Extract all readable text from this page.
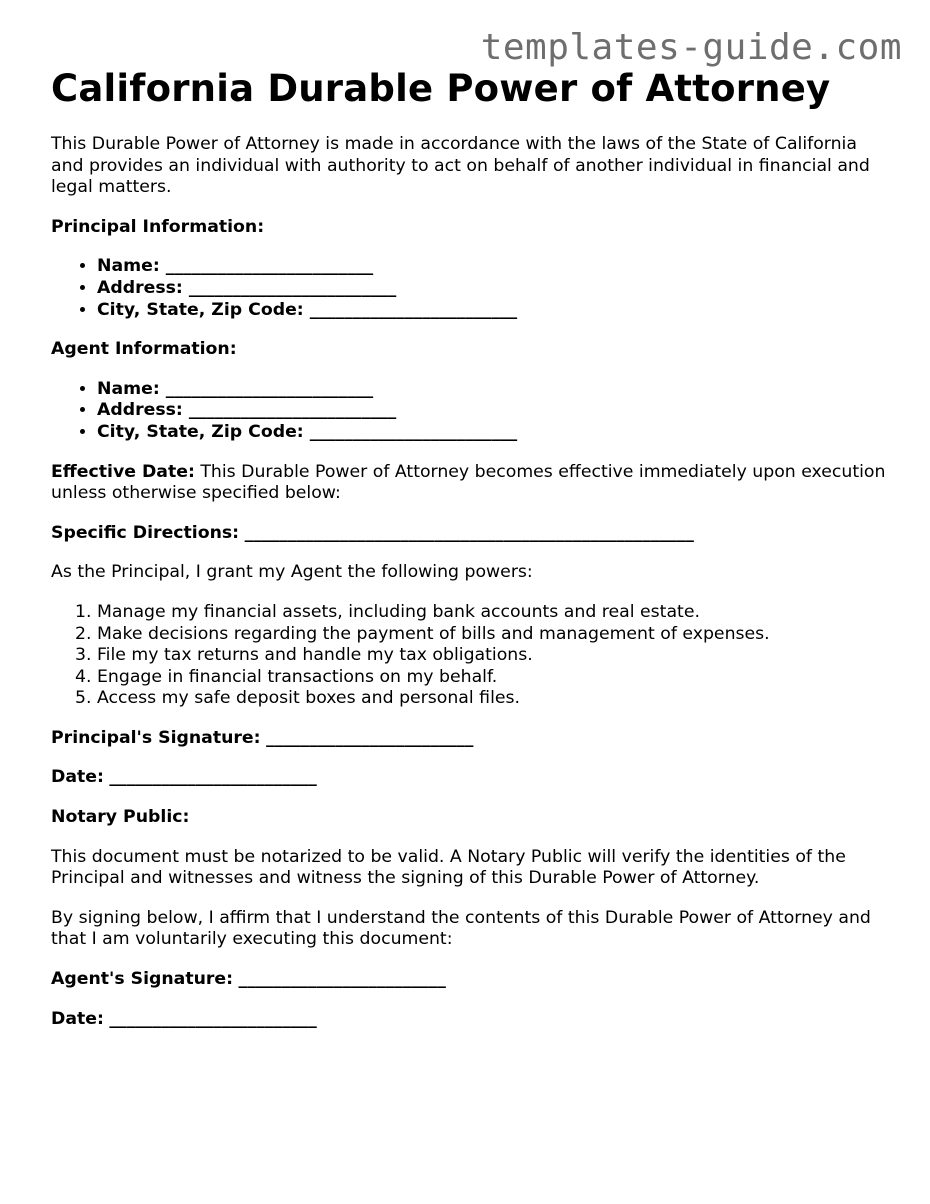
templates-guide.com
California Durable Power of Attorney

This Durable Power of Attorney is made in accordance with the laws of the State of California and provides an individual with authority to act on behalf of another individual in financial and legal matters.

Principal Information:

• Name: ________________________
• Address: ________________________
• City, State, Zip Code: ________________________

Agent Information:

• Name: ________________________
• Address: ________________________
• City, State, Zip Code: ________________________

Effective Date: This Durable Power of Attorney becomes effective immediately upon execution unless otherwise specified below:

Specific Directions: ____________________________________________________

As the Principal, I grant my Agent the following powers:

1. Manage my financial assets, including bank accounts and real estate.
2. Make decisions regarding the payment of bills and management of expenses.
3. File my tax returns and handle my tax obligations.
4. Engage in financial transactions on my behalf.
5. Access my safe deposit boxes and personal files.

Principal's Signature: ________________________

Date: ________________________

Notary Public:

This document must be notarized to be valid. A Notary Public will verify the identities of the Principal and witnesses and witness the signing of this Durable Power of Attorney.

By signing below, I affirm that I understand the contents of this Durable Power of Attorney and that I am voluntarily executing this document:

Agent's Signature: ________________________

Date: ________________________
